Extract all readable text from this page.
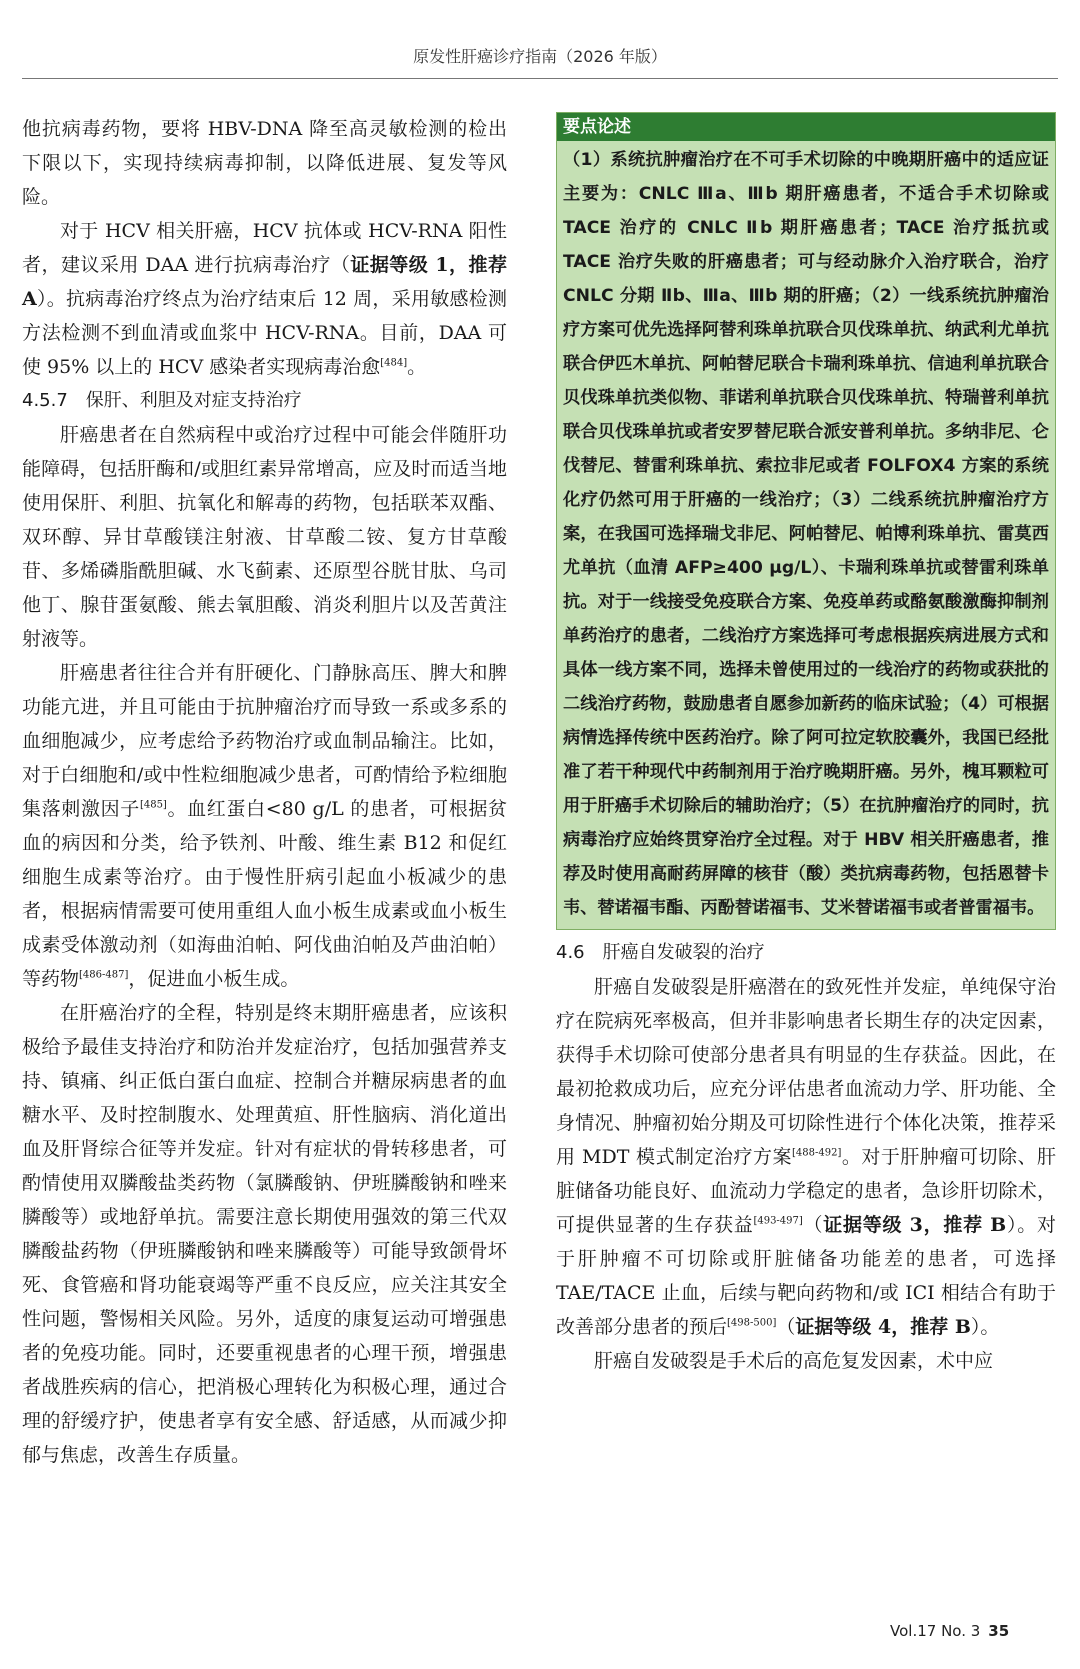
原发性肝癌诊疗指南（2026 年版）

他抗病毒药物，要将 HBV-DNA 降至高灵敏检测的检出下限以下，实现持续病毒抑制，以降低进展、复发等风险。

对于 HCV 相关肝癌，HCV 抗体或 HCV-RNA 阳性者，建议采用 DAA 进行抗病毒治疗（证据等级 1，推荐 A）。抗病毒治疗终点为治疗结束后 12 周，采用敏感检测方法检测不到血清或血浆中 HCV-RNA。目前，DAA 可使 95% 以上的 HCV 感染者实现病毒治愈[484]。

4.5.7　保肝、利胆及对症支持治疗

肝癌患者在自然病程中或治疗过程中可能会伴随肝功能障碍，包括肝酶和/或胆红素异常增高，应及时而适当地使用保肝、利胆、抗氧化和解毒的药物，包括联苯双酯、双环醇、异甘草酸镁注射液、甘草酸二铵、复方甘草酸苷、多烯磷脂酰胆碱、水飞蓟素、还原型谷胱甘肽、乌司他丁、腺苷蛋氨酸、熊去氧胆酸、消炎利胆片以及苦黄注射液等。

肝癌患者往往合并有肝硬化、门静脉高压、脾大和脾功能亢进，并且可能由于抗肿瘤治疗而导致一系或多系的血细胞减少，应考虑给予药物治疗或血制品输注。比如，对于白细胞和/或中性粒细胞减少患者，可酌情给予粒细胞集落刺激因子[485]。血红蛋白<80 g/L 的患者，可根据贫血的病因和分类，给予铁剂、叶酸、维生素 B12 和促红细胞生成素等治疗。由于慢性肝病引起血小板减少的患者，根据病情需要可使用重组人血小板生成素或血小板生成素受体激动剂（如海曲泊帕、阿伐曲泊帕及芦曲泊帕）等药物[486-487]，促进血小板生成。

在肝癌治疗的全程，特别是终末期肝癌患者，应该积极给予最佳支持治疗和防治并发症治疗，包括加强营养支持、镇痛、纠正低白蛋白血症、控制合并糖尿病患者的血糖水平、及时控制腹水、处理黄疸、肝性脑病、消化道出血及肝肾综合征等并发症。针对有症状的骨转移患者，可酌情使用双膦酸盐类药物（氯膦酸钠、伊班膦酸钠和唑来膦酸等）或地舒单抗。需要注意长期使用强效的第三代双膦酸盐药物（伊班膦酸钠和唑来膦酸等）可能导致颌骨坏死、食管癌和肾功能衰竭等严重不良反应，应关注其安全性问题，警惕相关风险。另外，适度的康复运动可增强患者的免疫功能。同时，还要重视患者的心理干预，增强患者战胜疾病的信心，把消极心理转化为积极心理，通过合理的舒缓疗护，使患者享有安全感、舒适感，从而减少抑郁与焦虑，改善生存质量。

要点论述
（1）系统抗肿瘤治疗在不可手术切除的中晚期肝癌中的适应证主要为：CNLC Ⅲa、Ⅲb 期肝癌患者，不适合手术切除或 TACE 治疗的 CNLC Ⅱb 期肝癌患者；TACE 治疗抵抗或 TACE 治疗失败的肝癌患者；可与经动脉介入治疗联合，治疗 CNLC 分期 Ⅱb、Ⅲa、Ⅲb 期的肝癌；（2）一线系统抗肿瘤治疗方案可优先选择阿替利珠单抗联合贝伐珠单抗、纳武利尤单抗联合伊匹木单抗、阿帕替尼联合卡瑞利珠单抗、信迪利单抗联合贝伐珠单抗类似物、菲诺利单抗联合贝伐珠单抗、特瑞普利单抗联合贝伐珠单抗或者安罗替尼联合派安普利单抗。多纳非尼、仑伐替尼、替雷利珠单抗、索拉非尼或者 FOLFOX4 方案的系统化疗仍然可用于肝癌的一线治疗；（3）二线系统抗肿瘤治疗方案，在我国可选择瑞戈非尼、阿帕替尼、帕博利珠单抗、雷莫西尤单抗（血清 AFP≥400 μg/L）、卡瑞利珠单抗或替雷利珠单抗。对于一线接受免疫联合方案、免疫单药或酪氨酸激酶抑制剂单药治疗的患者，二线治疗方案选择可考虑根据疾病进展方式和具体一线方案不同，选择未曾使用过的一线治疗的药物或获批的二线治疗药物，鼓励患者自愿参加新药的临床试验；（4）可根据病情选择传统中医药治疗。除了阿可拉定软胶囊外，我国已经批准了若干种现代中药制剂用于治疗晚期肝癌。另外，槐耳颗粒可用于肝癌手术切除后的辅助治疗；（5）在抗肿瘤治疗的同时，抗病毒治疗应始终贯穿治疗全过程。对于 HBV 相关肝癌患者，推荐及时使用高耐药屏障的核苷（酸）类抗病毒药物，包括恩替卡韦、替诺福韦酯、丙酚替诺福韦、艾米替诺福韦或者普雷福韦。

4.6　肝癌自发破裂的治疗

肝癌自发破裂是肝癌潜在的致死性并发症，单纯保守治疗在院病死率极高，但并非影响患者长期生存的决定因素，获得手术切除可使部分患者具有明显的生存获益。因此，在最初抢救成功后，应充分评估患者血流动力学、肝功能、全身情况、肿瘤初始分期及可切除性进行个体化决策，推荐采用 MDT 模式制定治疗方案[488-492]。对于肝肿瘤可切除、肝脏储备功能良好、血流动力学稳定的患者，急诊肝切除术，可提供显著的生存获益[493-497]（证据等级 3，推荐 B）。对于肝肿瘤不可切除或肝脏储备功能差的患者，可选择 TAE/TACE 止血，后续与靶向药物和/或 ICI 相结合有助于改善部分患者的预后[498-500]（证据等级 4，推荐 B）。

肝癌自发破裂是手术后的高危复发因素，术中应

Vol.17 No. 3 35
